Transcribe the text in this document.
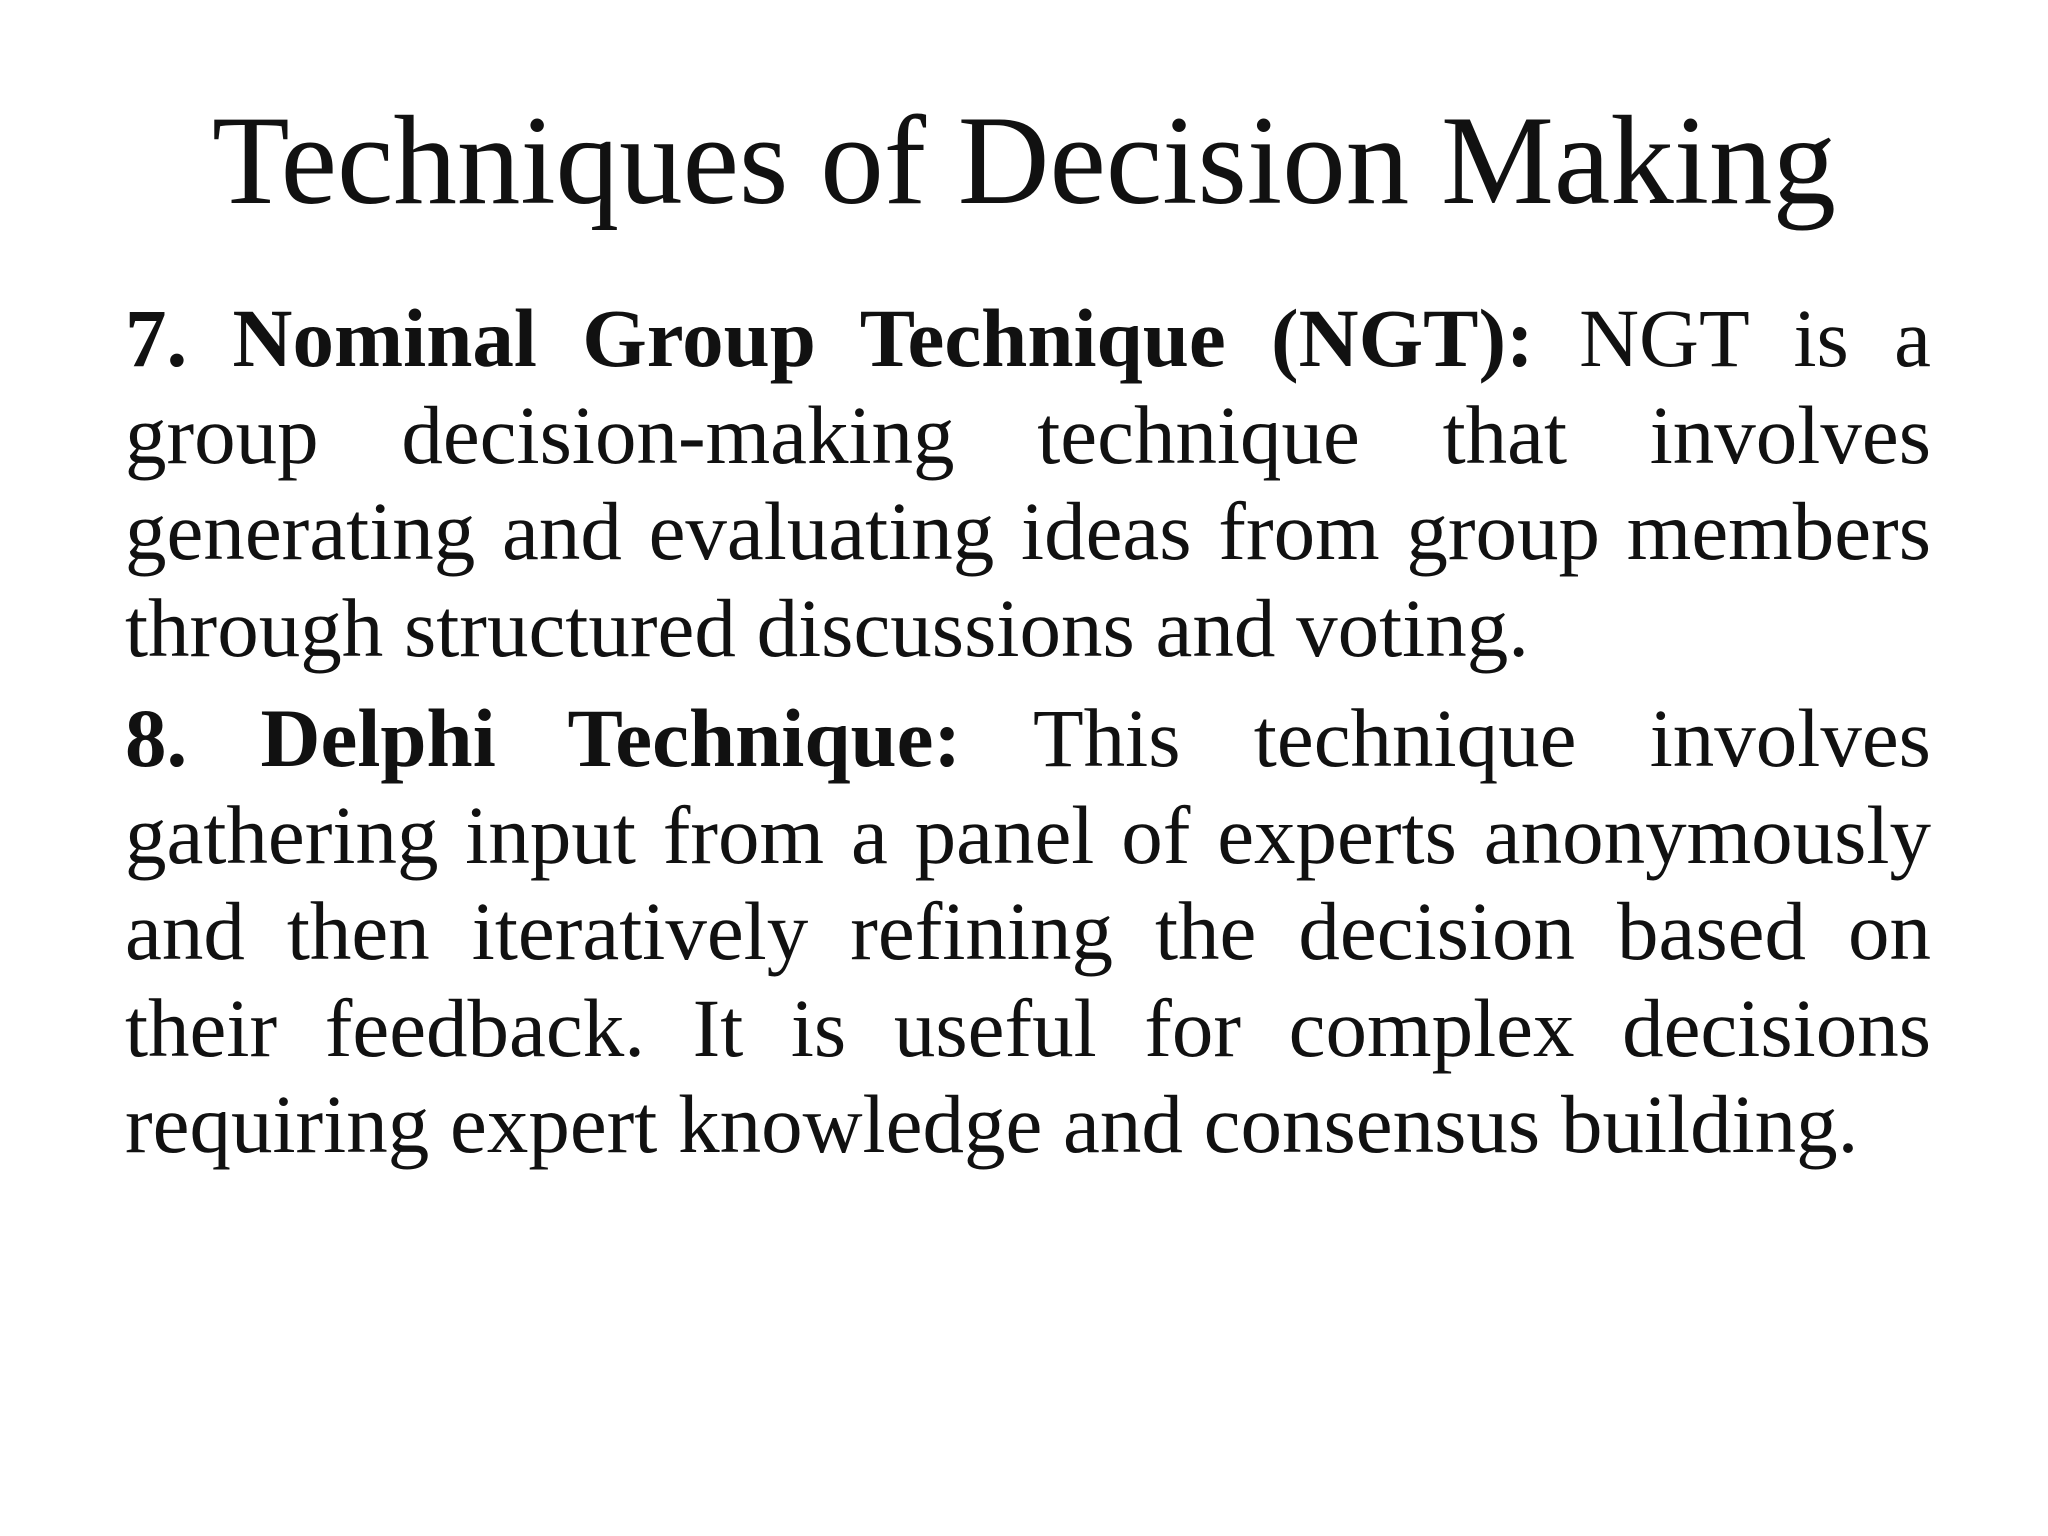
Techniques of Decision Making

7. Nominal Group Technique (NGT): NGT is a group decision-making technique that involves generating and evaluating ideas from group members through structured discussions and voting.

8. Delphi Technique: This technique involves gathering input from a panel of experts anonymously and then iteratively refining the decision based on their feedback. It is useful for complex decisions requiring expert knowledge and consensus building.
